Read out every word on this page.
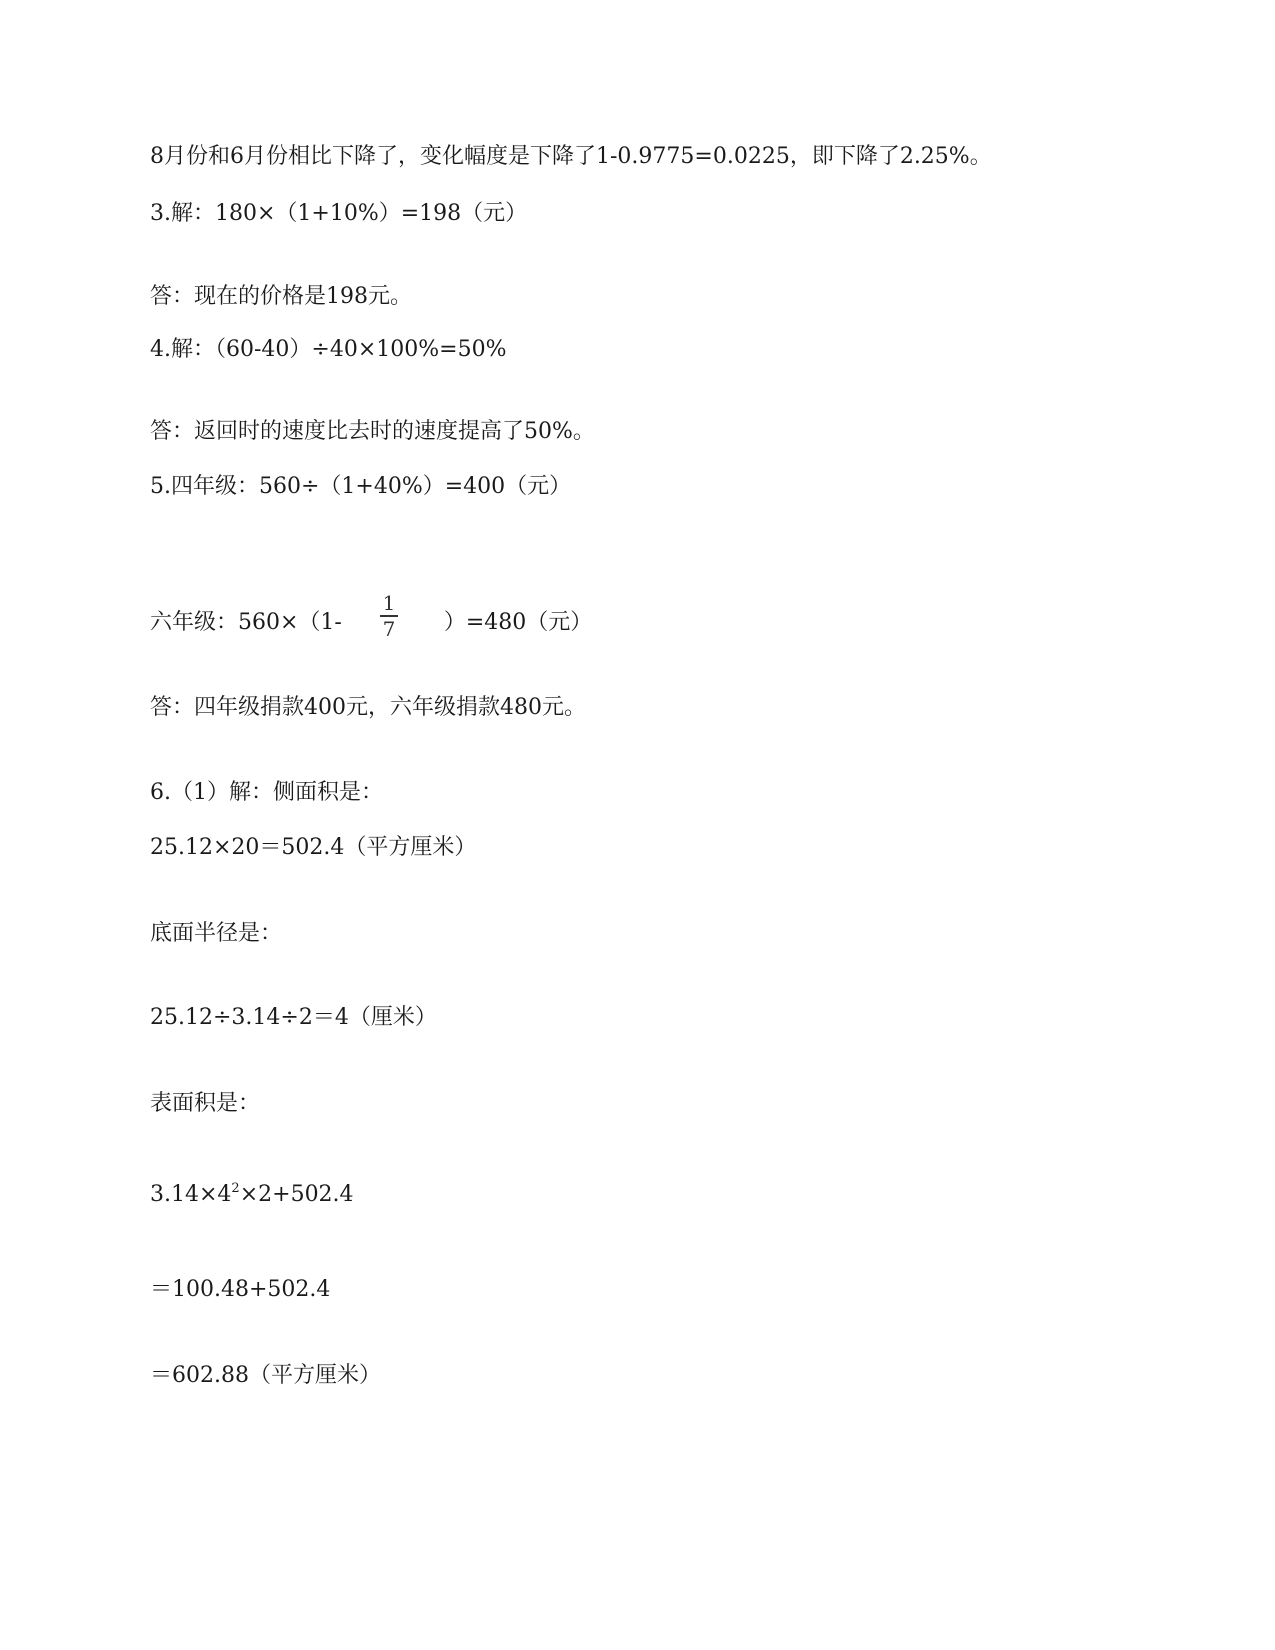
8月份和6月份相比下降了，变化幅度是下降了1-0.9775=0.0225，即下降了2.25%。
3.解：180×（1+10%）=198（元）
答：现在的价格是198元。
4.解：（60-40）÷40×100%=50%
答：返回时的速度比去时的速度提高了50%。
5.四年级：560÷（1+40%）=400（元）
1
7
六年级：560×（1-	）=480（元）
答：四年级捐款400元，六年级捐款480元。
6.（1）解：侧面积是：
25.12×20＝502.4（平方厘米）
底面半径是：
25.12÷3.14÷2＝4（厘米）
表面积是：
$3.14\times 4^2\times 2+502.4$
＝100.48+502.4
＝602.88（平方厘米）
